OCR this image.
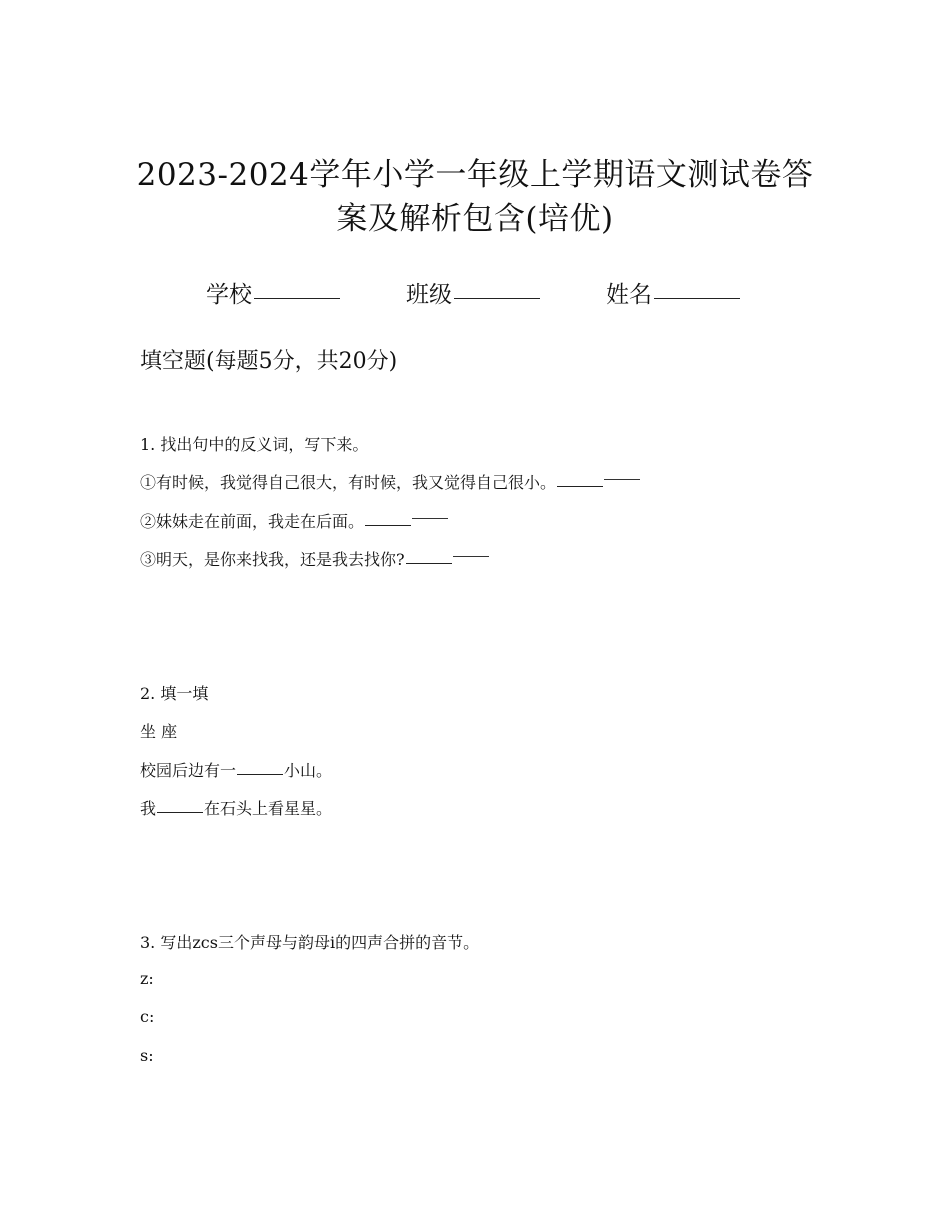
2023-2024学年小学一年级上学期语文测试卷答
案及解析包含(培优)
学校	班级	姓名
填空题(每题5分，共20分)
1. 找出句中的反义词，写下来。
①有时候，我觉得自己很大，有时候，我又觉得自己很小。
②妹妹走在前面，我走在后面。
③明天，是你来找我，还是我去找你?
2. 填一填
坐 座
校园后边有一	小山。
我	在石头上看星星。
3. 写出zcs三个声母与韵母i的四声合拼的音节。
z:
c:
s:
